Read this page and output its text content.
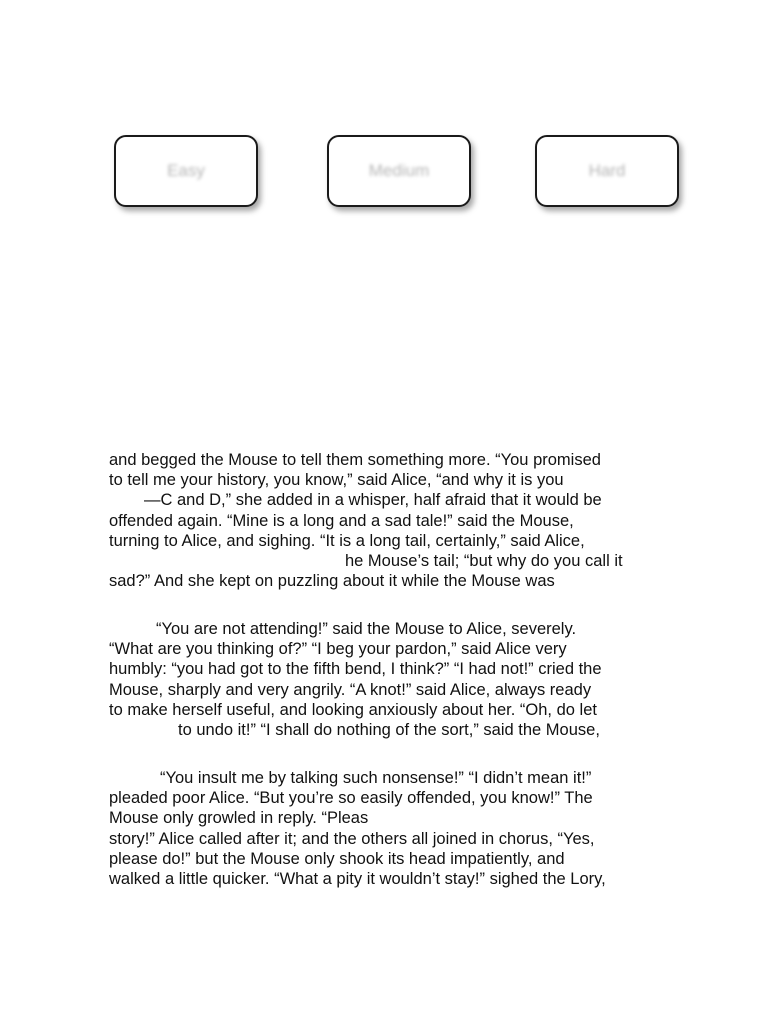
Easy	Medium	Hard
and begged the Mouse to tell them something more. “You promised
to tell me your history, you know,” said Alice, “and why it is you
—C and D,” she added in a whisper, half afraid that it would be
offended again. “Mine is a long and a sad tale!” said the Mouse,
turning to Alice, and sighing. “It is a long tail, certainly,” said Alice,
he Mouse’s tail; “but why do you call it
sad?” And she kept on puzzling about it while the Mouse was
“You are not attending!” said the Mouse to Alice, severely.
“What are you thinking of?” “I beg your pardon,” said Alice very
humbly: “you had got to the fifth bend, I think?” “I had not!” cried the
Mouse, sharply and very angrily. “A knot!” said Alice, always ready
to make herself useful, and looking anxiously about her. “Oh, do let
to undo it!” “I shall do nothing of the sort,” said the Mouse,
“You insult me by talking such nonsense!” “I didn’t mean it!”
pleaded poor Alice. “But you’re so easily offended, you know!” The
Mouse only growled in reply. “Pleas
story!” Alice called after it; and the others all joined in chorus, “Yes,
please do!” but the Mouse only shook its head impatiently, and
walked a little quicker. “What a pity it wouldn’t stay!” sighed the Lory,
